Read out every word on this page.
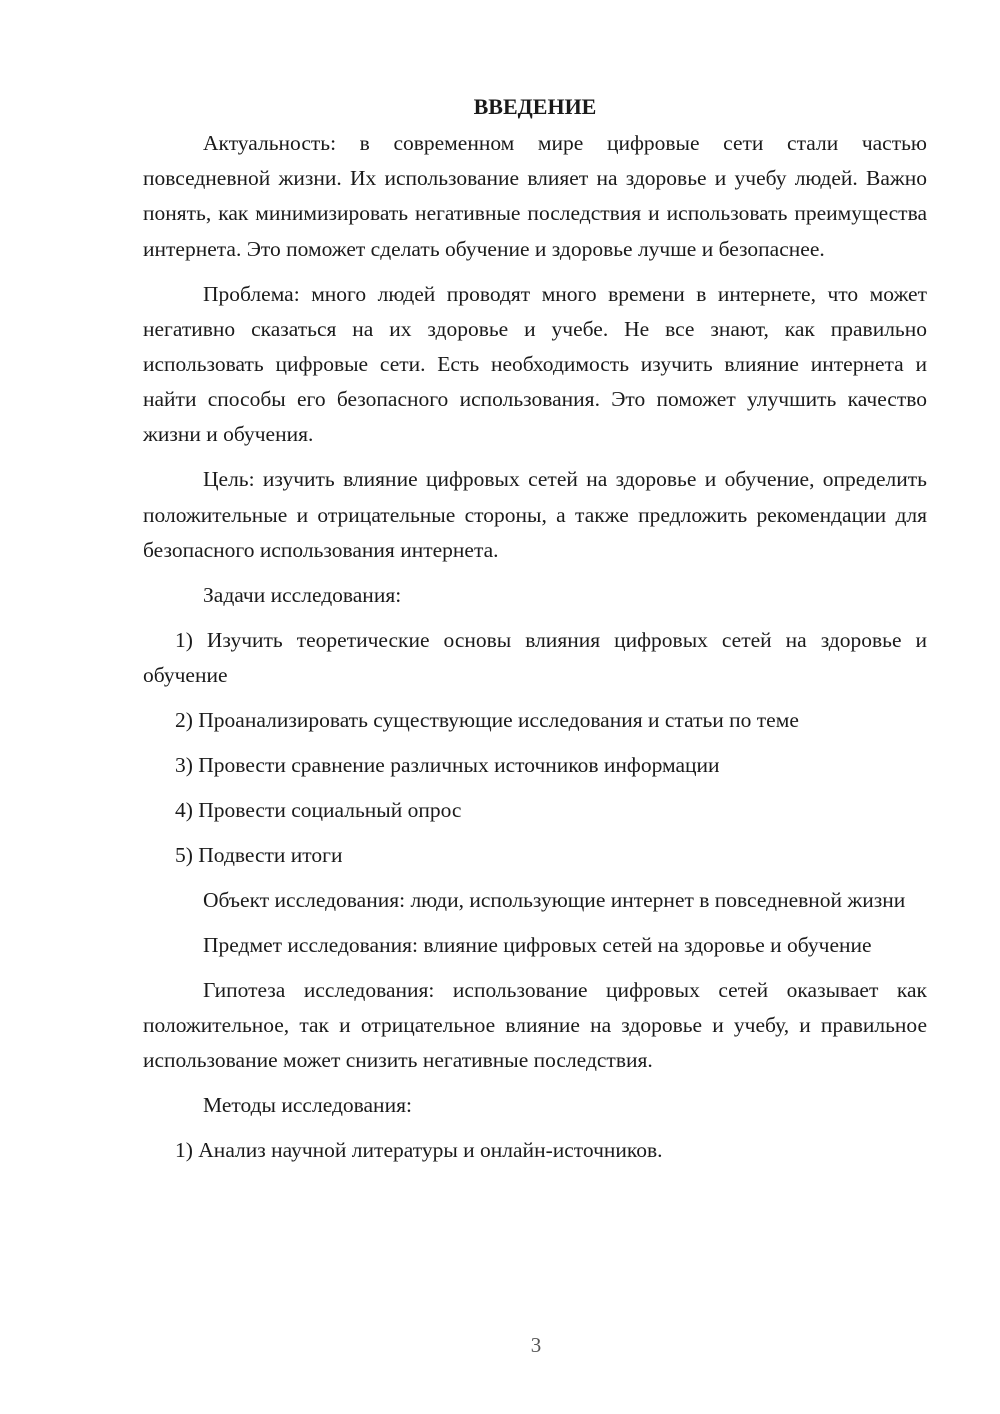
ВВЕДЕНИЕ

Актуальность: в современном мире цифровые сети стали частью повседневной жизни. Их использование влияет на здоровье и учебу людей. Важно понять, как минимизировать негативные последствия и использовать преимущества интернета. Это поможет сделать обучение и здоровье лучше и безопаснее.

Проблема: много людей проводят много времени в интернете, что может негативно сказаться на их здоровье и учебе. Не все знают, как правильно использовать цифровые сети. Есть необходимость изучить влияние интернета и найти способы его безопасного использования. Это поможет улучшить качество жизни и обучения.

Цель: изучить влияние цифровых сетей на здоровье и обучение, определить положительные и отрицательные стороны, а также предложить рекомендации для безопасного использования интернета.

Задачи исследования:

1) Изучить теоретические основы влияния цифровых сетей на здоровье и обучение

2) Проанализировать существующие исследования и статьи по теме

3) Провести сравнение различных источников информации

4) Провести социальный опрос

5) Подвести итоги

Объект исследования: люди, использующие интернет в повседневной жизни

Предмет исследования: влияние цифровых сетей на здоровье и обучение

Гипотеза исследования: использование цифровых сетей оказывает как положительное, так и отрицательное влияние на здоровье и учебу, и правильное использование может снизить негативные последствия.

Методы исследования:

1) Анализ научной литературы и онлайн-источников.

3
